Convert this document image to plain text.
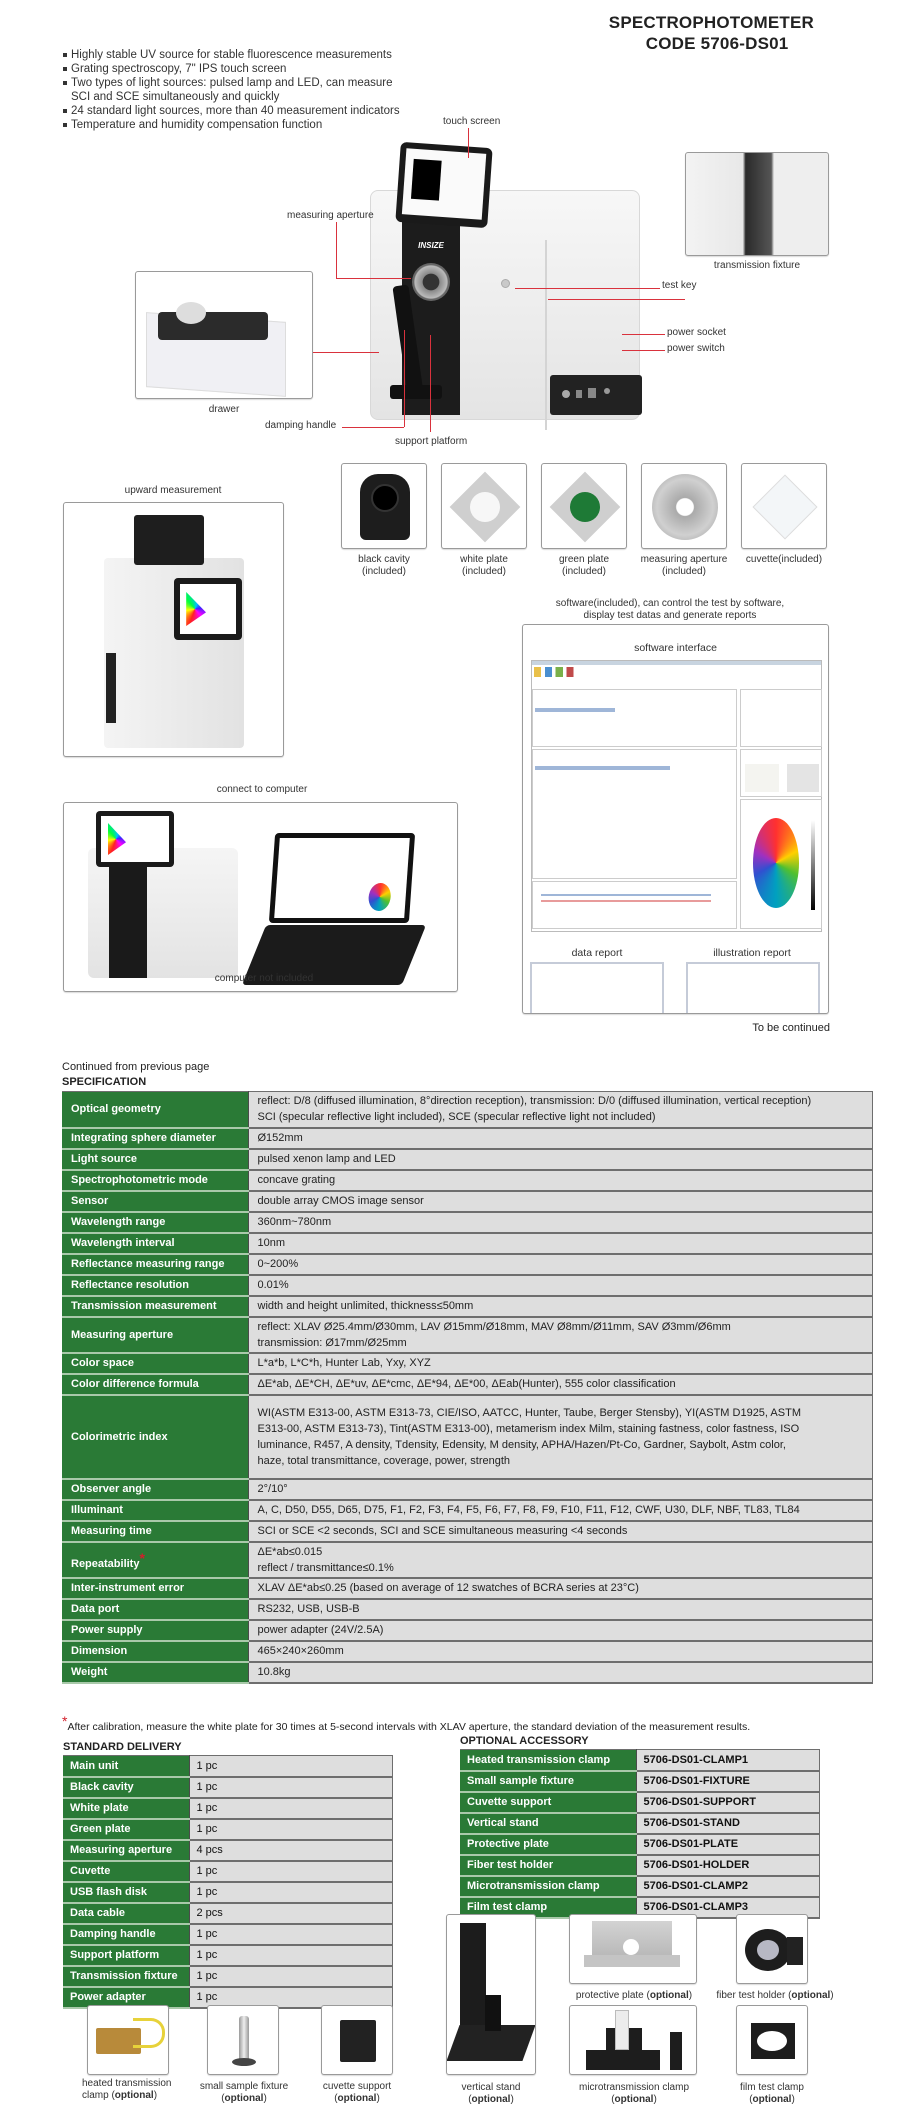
SPECTROPHOTOMETER
CODE 5706-DS01
Highly stable UV source for stable fluorescence measurements
Grating spectroscopy, 7" IPS touch screen
Two types of light sources: pulsed lamp and LED, can measure
SCI and SCE simultaneously and quickly
24 standard light sources, more than 40 measurement indicators
Temperature and humidity compensation function
INSIZE
touch screen
measuring aperture
transmission fixture
test key
power socket
power switch
drawer
damping handle
support platform
upward measurement
black cavity
(included)
white plate
(included)
green plate
(included)
measuring aperture
(included)
cuvette(included)
software(included), can control the test by software,
display test datas and generate reports
software interface
data report	illustration report
connect to computer
computer not included
To be continued
Continued from previous page
SPECIFICATION
Optical geometry	reflect: D/8 (diffused illumination, 8°direction reception), transmission: D/0 (diffused illumination, vertical reception)
SCI (specular reflective light included), SCE (specular reflective light not included)

Integrating sphere diameter	Ø152mm

Light source	pulsed xenon lamp and LED

Spectrophotometric mode	concave grating

Sensor	double array CMOS image sensor

Wavelength range	360nm~780nm

Wavelength interval	10nm

Reflectance measuring range	0~200%

Reflectance resolution	0.01%

Transmission measurement	width and height unlimited, thickness≤50mm

Measuring aperture	reflect: XLAV Ø25.4mm/Ø30mm, LAV Ø15mm/Ø18mm, MAV Ø8mm/Ø11mm, SAV Ø3mm/Ø6mm
transmission: Ø17mm/Ø25mm

Color space	L*a*b, L*C*h, Hunter Lab, Yxy, XYZ

Color difference formula	ΔE*ab, ΔE*CH, ΔE*uv, ΔE*cmc, ΔE*94, ΔE*00, ΔEab(Hunter), 555 color classification

Colorimetric index	WI(ASTM E313-00, ASTM E313-73, CIE/ISO, AATCC, Hunter, Taube, Berger Stensby), YI(ASTM D1925, ASTM
E313-00, ASTM E313-73), Tint(ASTM E313-00), metamerism index Milm, staining fastness, color fastness, ISO
luminance, R457, A density, Tdensity, Edensity, M density, APHA/Hazen/Pt-Co, Gardner, Saybolt, Astm color,
haze, total transmittance, coverage, power, strength

Observer angle	2°/10°

Illuminant	A, C, D50, D55, D65, D75, F1, F2, F3, F4, F5, F6, F7, F8, F9, F10, F11, F12, CWF, U30, DLF, NBF, TL83, TL84

Measuring time	SCI or SCE <2 seconds, SCI and SCE simultaneous measuring <4 seconds

Repeatability*	ΔE*ab≤0.015
reflect / transmittance≤0.1%

Inter-instrument error	XLAV ΔE*ab≤0.25 (based on average of 12 swatches of BCRA series at 23°C)

Data port	RS232, USB, USB-B

Power supply	power adapter (24V/2.5A)

Dimension	465×240×260mm

Weight	10.8kg
*After calibration, measure the white plate for 30 times at 5-second intervals with XLAV aperture, the standard deviation of the measurement results.
STANDARD DELIVERY
Main unit	1 pc
Black cavity	1 pc
White plate	1 pc
Green plate	1 pc
Measuring aperture	4 pcs
Cuvette	1 pc
USB flash disk	1 pc
Data cable	2 pcs
Damping handle	1 pc
Support platform	1 pc
Transmission fixture	1 pc
Power adapter	1 pc
OPTIONAL ACCESSORY
Heated transmission clamp	5706-DS01-CLAMP1
Small sample fixture	5706-DS01-FIXTURE
Cuvette support	5706-DS01-SUPPORT
Vertical stand	5706-DS01-STAND
Protective plate	5706-DS01-PLATE
Fiber test holder	5706-DS01-HOLDER
Microtransmission clamp	5706-DS01-CLAMP2
Film test clamp	5706-DS01-CLAMP3
heated transmission
clamp (optional)
small sample fixture
(optional)
cuvette support
(optional)
vertical stand
(optional)
protective plate (optional)	fiber test holder (optional)
microtransmission clamp
(optional)
film test clamp
(optional)
